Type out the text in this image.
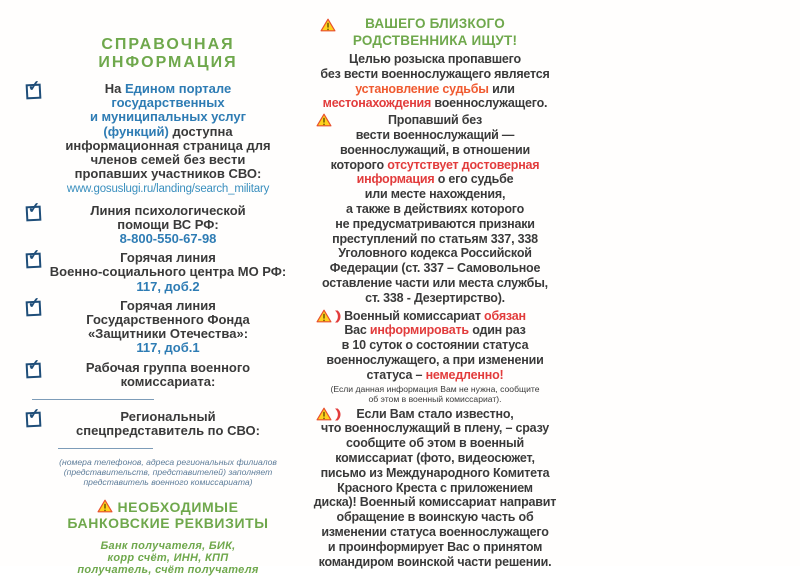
СПРАВОЧНАЯ
ИНФОРМАЦИЯ
✓	На Едином портале
государственных
и муниципальных услуг
(функций) доступна
информационная страница для
членов семей без вести
пропавших участников СВО:
www.gosuslugi.ru/landing/search_military
✓	Линия психологической
помощи ВС РФ:
8-800-550-67-98
✓	Горячая линия
Военно-социального центра МО РФ:
117, доб.2
✓	Горячая линия
Государственного Фонда
«Защитники Отечества»:
117, доб.1
✓	Рабочая группа военного
комиссариата:
✓	Региональный
спецпредставитель по СВО:
(номера телефонов, адреса региональных филиалов
(представительств, представителей) заполняет
представитель военного комиссариата)
НЕОБХОДИМЫЕ
БАНКОВСКИЕ РЕКВИЗИТЫ
Банк получателя, БИК,
корр счёт, ИНН, КПП
получатель, счёт получателя
ВАШЕГО БЛИЗКОГО
РОДСТВЕННИКА ИЩУТ!
Целью розыска пропавшего
без вести военнослужащего является
установление судьбы или
местонахождения военнослужащего.
Пропавший без
вести военнослужащий —
военнослужащий, в отношении
которого отсутствует достоверная
информация о его судьбе
или месте нахождения,
а также в действиях которого
не предусматриваются признаки
преступлений по статьям 337, 338
Уголовного кодекса Российской
Федерации (ст. 337 – Самовольное
оставление части или места службы,
ст. 338 - Дезертирство).
) Военный комиссариат обязан
Вас информировать один раз
в 10 суток о состоянии статуса
военнослужащего, а при изменении
статуса – немедленно!
(Если данная информация Вам не нужна, сообщите
об этом в военный комиссариат).
)	Если Вам стало известно,
что военнослужащий в плену, – сразу
сообщите об этом в военный
комиссариат (фото, видеосюжет,
письмо из Международного Комитета
Красного Креста с приложением
диска)! Военный комиссариат направит
обращение в воинскую часть об
изменении статуса военнослужащего
и проинформирует Вас о принятом
командиром воинской части решении.
